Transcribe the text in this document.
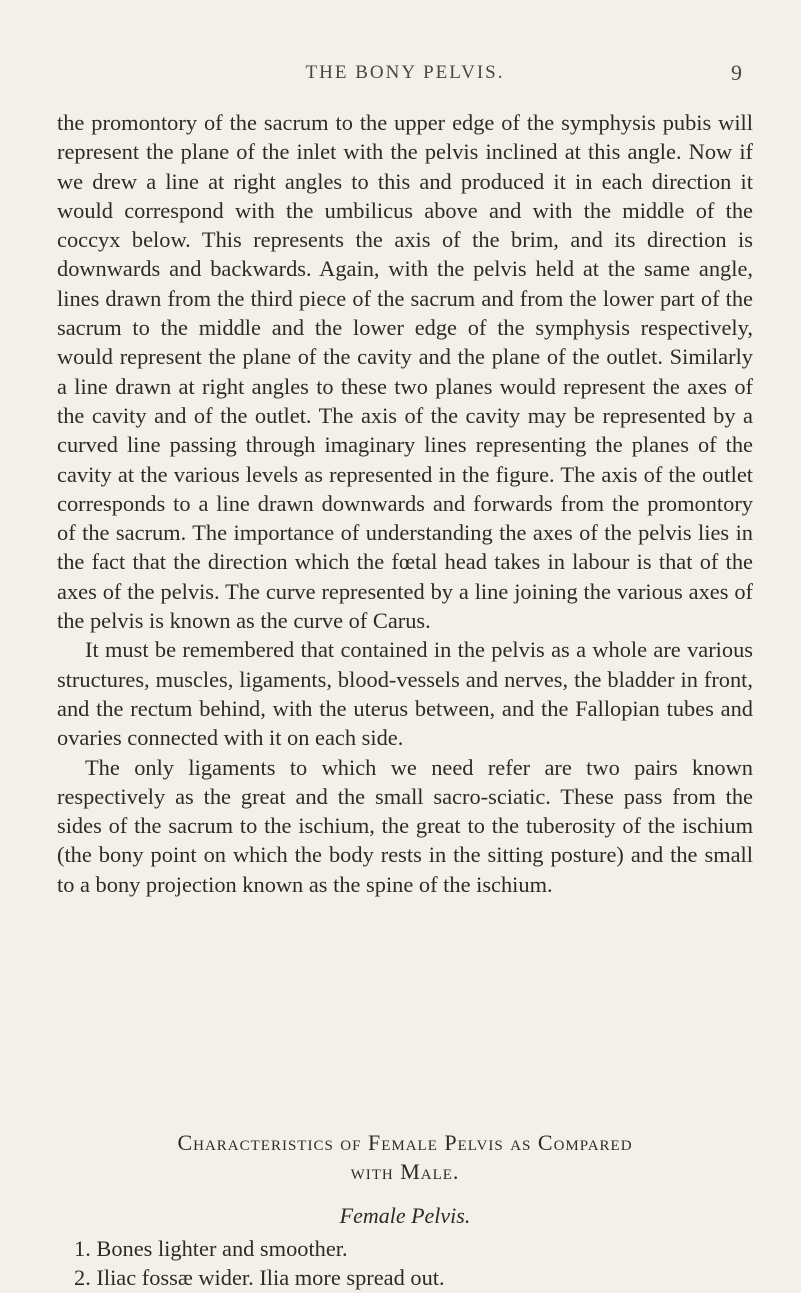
THE BONY PELVIS.	9

the promontory of the sacrum to the upper edge of the symphysis pubis will represent the plane of the inlet with the pelvis inclined at this angle. Now if we drew a line at right angles to this and produced it in each direction it would correspond with the umbilicus above and with the middle of the coccyx below. This represents the axis of the brim, and its direction is downwards and backwards. Again, with the pelvis held at the same angle, lines drawn from the third piece of the sacrum and from the lower part of the sacrum to the middle and the lower edge of the symphysis respectively, would represent the plane of the cavity and the plane of the outlet. Similarly a line drawn at right angles to these two planes would represent the axes of the cavity and of the outlet. The axis of the cavity may be represented by a curved line passing through imaginary lines representing the planes of the cavity at the various levels as represented in the figure. The axis of the outlet corresponds to a line drawn downwards and forwards from the promontory of the sacrum. The importance of understanding the axes of the pelvis lies in the fact that the direction which the fœtal head takes in labour is that of the axes of the pelvis. The curve represented by a line joining the various axes of the pelvis is known as the curve of Carus.

It must be remembered that contained in the pelvis as a whole are various structures, muscles, ligaments, blood-vessels and nerves, the bladder in front, and the rectum behind, with the uterus between, and the Fallopian tubes and ovaries connected with it on each side.

The only ligaments to which we need refer are two pairs known respectively as the great and the small sacro-sciatic. These pass from the sides of the sacrum to the ischium, the great to the tuberosity of the ischium (the bony point on which the body rests in the sitting posture) and the small to a bony projection known as the spine of the ischium.

Characteristics of Female Pelvis as Compared
with Male.
Female Pelvis.
1. Bones lighter and smoother.
2. Iliac fossæ wider. Ilia more spread out.
